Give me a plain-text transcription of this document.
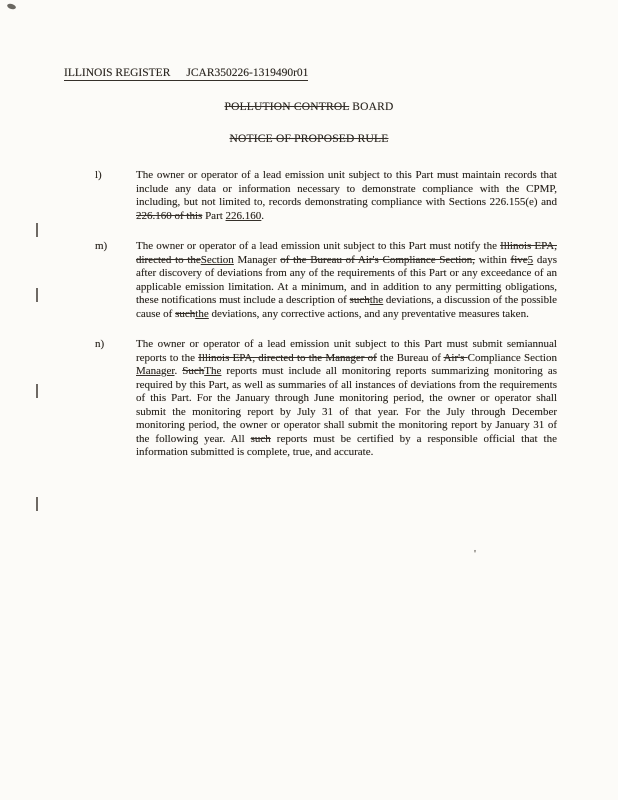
ILLINOIS REGISTER JCAR350226-1319490r01
POLLUTION CONTROL BOARD
NOTICE OF PROPOSED RULE
l)	The owner or operator of a lead emission unit subject to this Part must maintain records that include any data or information necessary to demonstrate compliance with the CPMP, including, but not limited to, records demonstrating compliance with Sections 226.155(e) and 226.160 of this Part 226.160.
m)	The owner or operator of a lead emission unit subject to this Part must notify the Illinois EPA, directed to theSection Manager of the Bureau of Air's Compliance Section, within five5 days after discovery of deviations from any of the requirements of this Part or any exceedance of an applicable emission limitation. At a minimum, and in addition to any permitting obligations, these notifications must include a description of suchthe deviations, a discussion of the possible cause of suchthe deviations, any corrective actions, and any preventative measures taken.
n)	The owner or operator of a lead emission unit subject to this Part must submit semiannual reports to the Illinois EPA, directed to the Manager of the Bureau of Air's Compliance Section Manager. SuchThe reports must include all monitoring reports summarizing monitoring as required by this Part, as well as summaries of all instances of deviations from the requirements of this Part. For the January through June monitoring period, the owner or operator shall submit the monitoring report by July 31 of that year. For the July through December monitoring period, the owner or operator shall submit the monitoring report by January 31 of the following year. All such reports must be certified by a responsible official that the information submitted is complete, true, and accurate.
'
